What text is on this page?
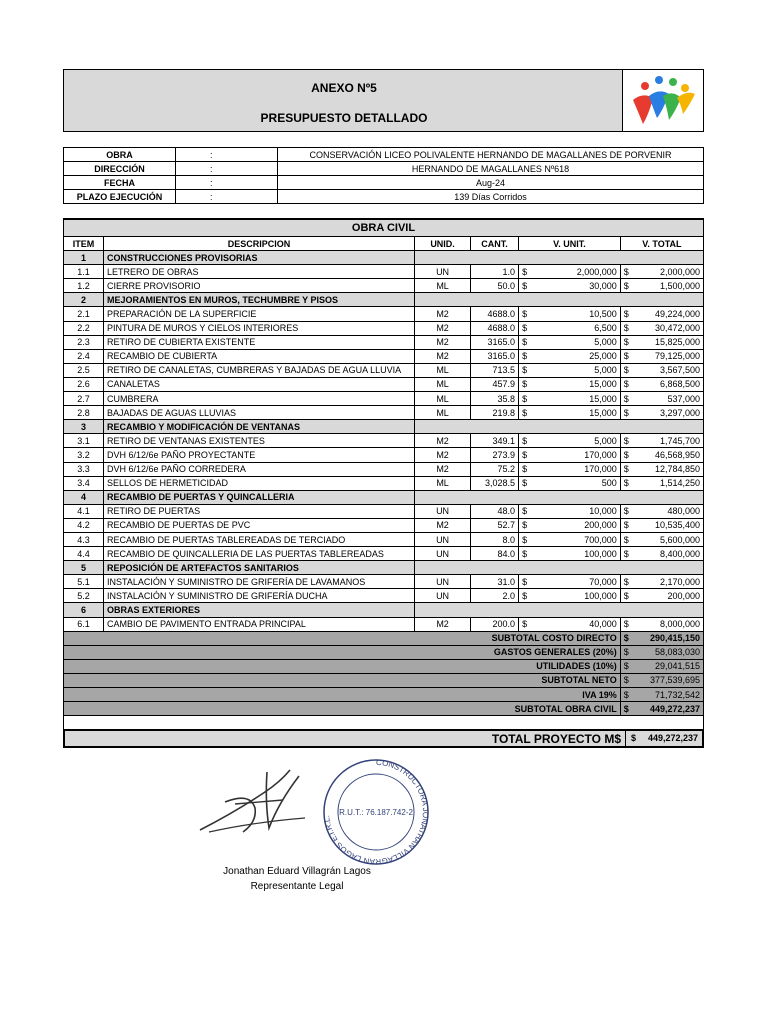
ANEXO Nº5
PRESUPUESTO DETALLADO
OBRA	:	CONSERVACIÓN LICEO POLIVALENTE HERNANDO DE MAGALLANES DE PORVENIR
DIRECCIÓN	:	HERNANDO DE MAGALLANES Nº618
FECHA	:	Aug-24
PLAZO EJECUCIÓN	:	139 Días Corridos
OBRA CIVIL							
ITEM	DESCRIPCION	UNID.	CANT.	V. UNIT.		V. TOTAL	
1	CONSTRUCCIONES PROVISORIAS						
1.1	LETRERO DE OBRAS	UN	1.0	$	2,000,000	$	2,000,000
1.2	CIERRE PROVISORIO	ML	50.0	$	30,000	$	1,500,000
2	MEJORAMIENTOS EN MUROS, TECHUMBRE Y PISOS						
2.1	PREPARACIÓN DE LA SUPERFICIE	M2	4688.0	$	10,500	$	49,224,000
2.2	PINTURA DE MUROS Y CIELOS INTERIORES	M2	4688.0	$	6,500	$	30,472,000
2.3	RETIRO DE CUBIERTA EXISTENTE	M2	3165.0	$	5,000	$	15,825,000
2.4	RECAMBIO DE CUBIERTA	M2	3165.0	$	25,000	$	79,125,000
2.5	RETIRO DE CANALETAS, CUMBRERAS Y BAJADAS DE AGUA LLUVIA	ML	713.5	$	5,000	$	3,567,500
2.6	CANALETAS	ML	457.9	$	15,000	$	6,868,500
2.7	CUMBRERA	ML	35.8	$	15,000	$	537,000
2.8	BAJADAS DE AGUAS LLUVIAS	ML	219.8	$	15,000	$	3,297,000
3	RECAMBIO Y MODIFICACIÓN DE VENTANAS						
3.1	RETIRO DE VENTANAS EXISTENTES	M2	349.1	$	5,000	$	1,745,700
3.2	DVH 6/12/6e PAÑO PROYECTANTE	M2	273.9	$	170,000	$	46,568,950
3.3	DVH 6/12/6e PAÑO CORREDERA	M2	75.2	$	170,000	$	12,784,850
3.4	SELLOS DE HERMETICIDAD	ML	3,028.5	$	500	$	1,514,250
4	RECAMBIO DE PUERTAS Y QUINCALLERIA						
4.1	RETIRO DE PUERTAS	UN	48.0	$	10,000	$	480,000
4.2	RECAMBIO DE PUERTAS DE PVC	M2	52.7	$	200,000	$	10,535,400
4.3	RECAMBIO DE PUERTAS TABLEREADAS DE TERCIADO	UN	8.0	$	700,000	$	5,600,000
4.4	RECAMBIO DE QUINCALLERIA DE LAS PUERTAS TABLEREADAS	UN	84.0	$	100,000	$	8,400,000
5	REPOSICIÓN DE ARTEFACTOS SANITARIOS						
5.1	INSTALACIÓN Y SUMINISTRO DE GRIFERÍA DE LAVAMANOS	UN	31.0	$	70,000	$	2,170,000
5.2	INSTALACIÓN Y SUMINISTRO DE GRIFERÍA DUCHA	UN	2.0	$	100,000	$	200,000
6	OBRAS EXTERIORES						
6.1	CAMBIO DE PAVIMENTO ENTRADA PRINCIPAL	M2	200.0	$	40,000	$	8,000,000
SUBTOTAL COSTO DIRECTO						$	290,415,150
GASTOS GENERALES (20%)						$	58,083,030
UTILIDADES (10%)						$	29,041,515
SUBTOTAL NETO						$	377,539,695
IVA 19%						$	71,732,542
SUBTOTAL OBRA CIVIL						$	449,272,237

TOTAL PROYECTO M$ $	449,272,237
CONSTRUCTORA JONATHAN VILLAGRÁN LAGOS E.I.R.L. R.U.T.: 76.187.742-2
Jonathan Eduard Villagrán Lagos
Representante Legal
